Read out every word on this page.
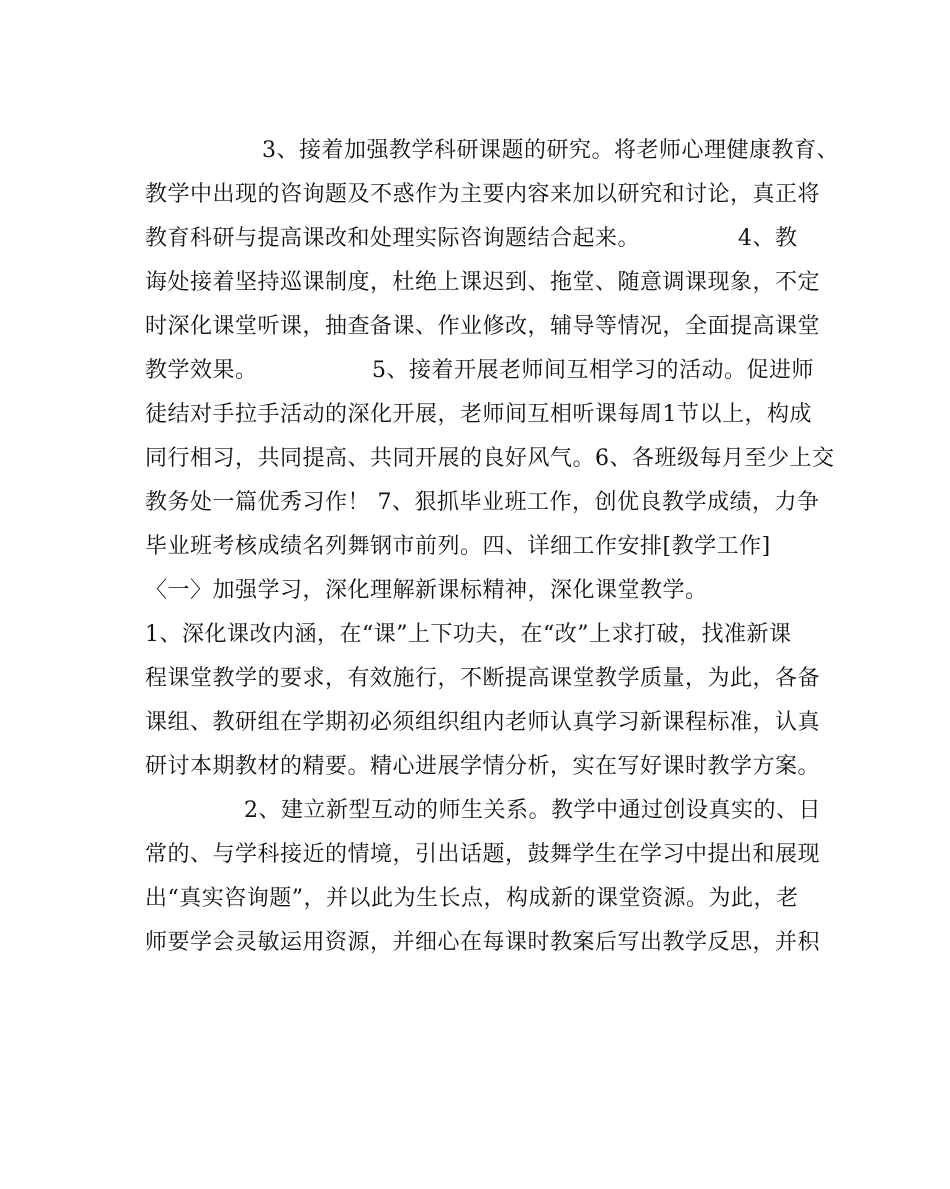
3、接着加强教学科研课题的研究。将老师心理健康教育、
教学中出现的咨询题及不惑作为主要内容来加以研究和讨论，真正将
教育科研与提高课改和处理实际咨询题结合起来。	4、教
诲处接着坚持巡课制度，杜绝上课迟到、拖堂、随意调课现象，不定
时深化课堂听课，抽查备课、作业修改，辅导等情况，全面提高课堂
教学效果。	5、接着开展老师间互相学习的活动。促进师
徒结对手拉手活动的深化开展，老师间互相听课每周1节以上，构成
同行相习，共同提高、共同开展的良好风气。6、各班级每月至少上交
教务处一篇优秀习作！ 7、狠抓毕业班工作，创优良教学成绩，力争
毕业班考核成绩名列舞钢市前列。四、详细工作安排[教学工作]
〈一〉加强学习，深化理解新课标精神，深化课堂教学。
1、深化课改内涵，在“课”上下功夫，在“改”上求打破，找准新课
程课堂教学的要求，有效施行，不断提高课堂教学质量，为此，各备
课组、教研组在学期初必须组织组内老师认真学习新课程标准，认真
研讨本期教材的精要。精心进展学情分析，实在写好课时教学方案。
2、建立新型互动的师生关系。教学中通过创设真实的、日
常的、与学科接近的情境，引出话题，鼓舞学生在学习中提出和展现
出“真实咨询题”，并以此为生长点，构成新的课堂资源。为此，老
师要学会灵敏运用资源，并细心在每课时教案后写出教学反思，并积
